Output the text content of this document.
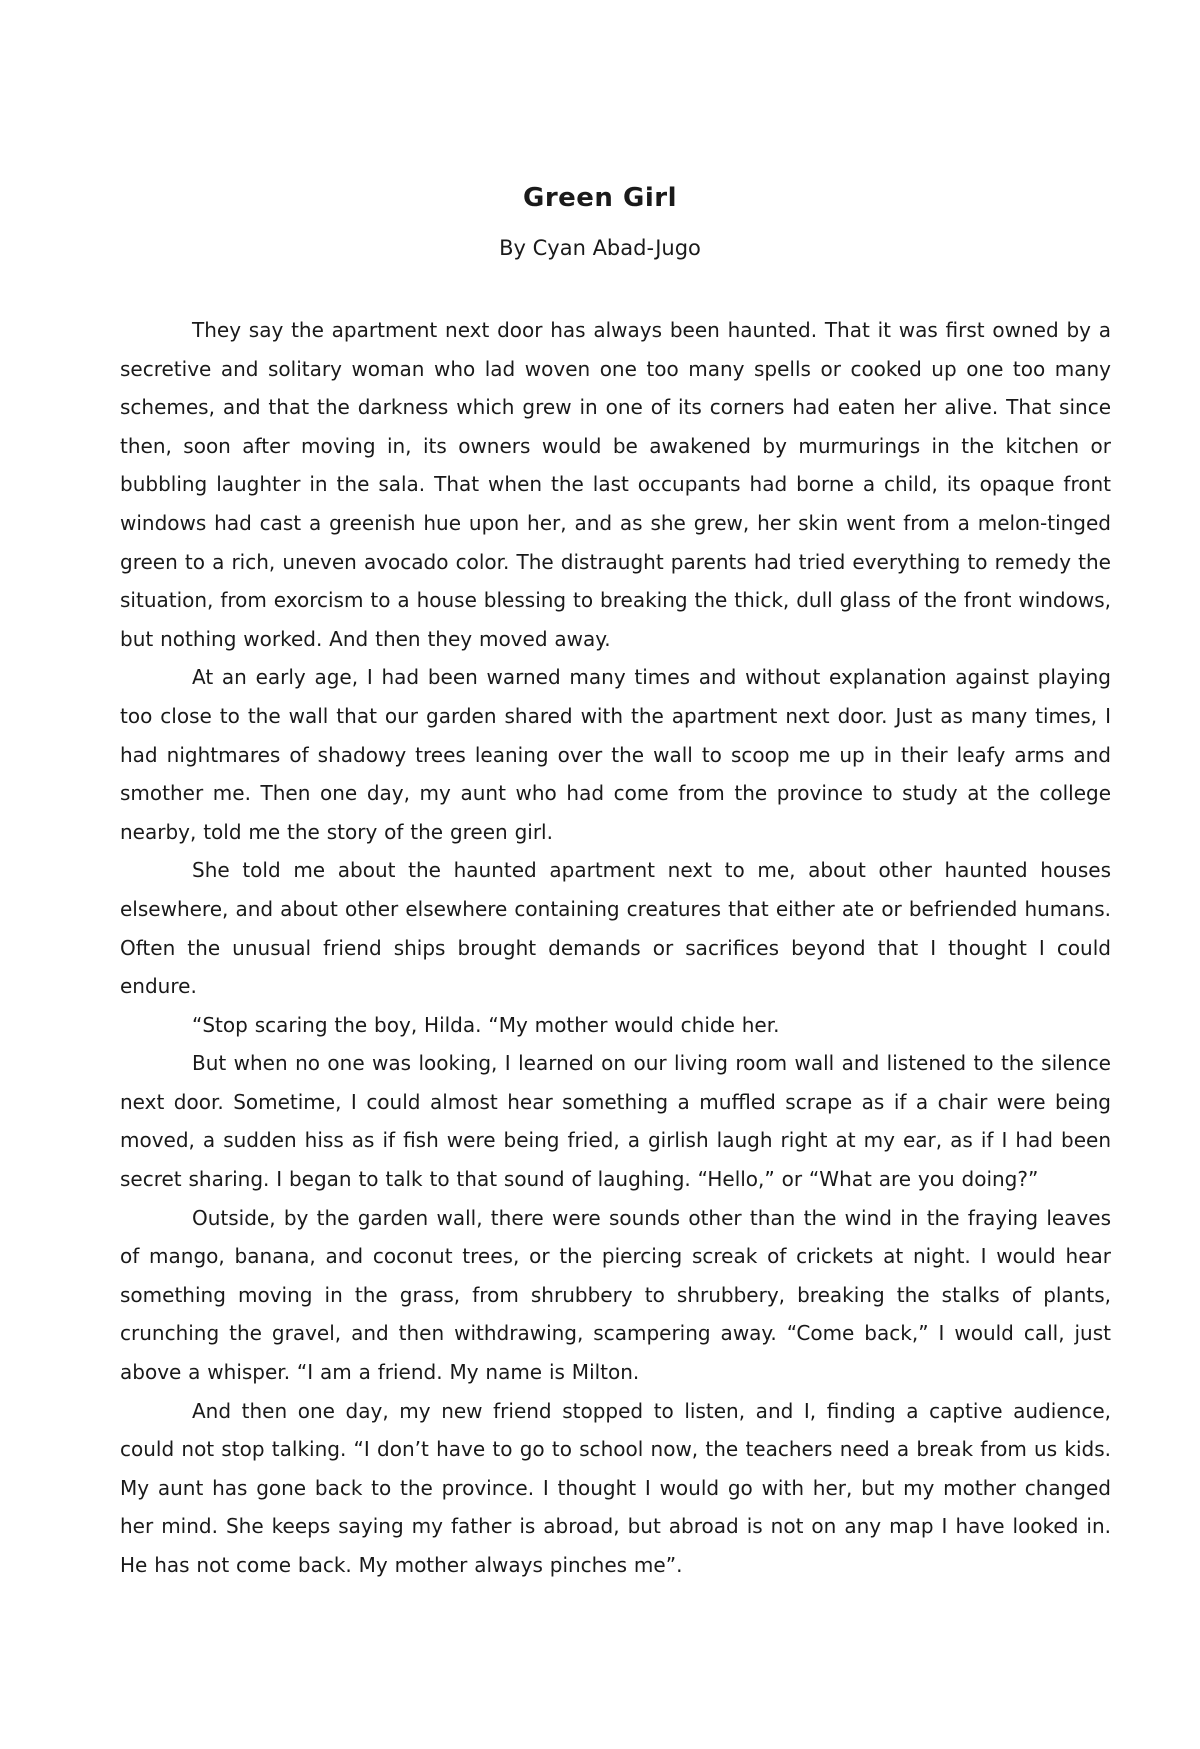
Green Girl
By Cyan Abad-Jugo

They say the apartment next door has always been haunted. That it was first owned by a secretive and solitary woman who lad woven one too many spells or cooked up one too many schemes, and that the darkness which grew in one of its corners had eaten her alive. That since then, soon after moving in, its owners would be awakened by murmurings in the kitchen or bubbling laughter in the sala. That when the last occupants had borne a child, its opaque front windows had cast a greenish hue upon her, and as she grew, her skin went from a melon-tinged green to a rich, uneven avocado color. The distraught parents had tried everything to remedy the situation, from exorcism to a house blessing to breaking the thick, dull glass of the front windows, but nothing worked. And then they moved away.

At an early age, I had been warned many times and without explanation against playing too close to the wall that our garden shared with the apartment next door. Just as many times, I had nightmares of shadowy trees leaning over the wall to scoop me up in their leafy arms and smother me. Then one day, my aunt who had come from the province to study at the college nearby, told me the story of the green girl.

She told me about the haunted apartment next to me, about other haunted houses elsewhere, and about other elsewhere containing creatures that either ate or befriended humans. Often the unusual friend ships brought demands or sacrifices beyond that I thought I could endure.

“Stop scaring the boy, Hilda. “My mother would chide her.

But when no one was looking, I learned on our living room wall and listened to the silence next door. Sometime, I could almost hear something a muffled scrape as if a chair were being moved, a sudden hiss as if fish were being fried, a girlish laugh right at my ear, as if I had been secret sharing. I began to talk to that sound of laughing. “Hello,” or “What are you doing?”

Outside, by the garden wall, there were sounds other than the wind in the fraying leaves of mango, banana, and coconut trees, or the piercing screak of crickets at night. I would hear something moving in the grass, from shrubbery to shrubbery, breaking the stalks of plants, crunching the gravel, and then withdrawing, scampering away. “Come back,” I would call, just above a whisper. “I am a friend. My name is Milton.

And then one day, my new friend stopped to listen, and I, finding a captive audience, could not stop talking. “I don’t have to go to school now, the teachers need a break from us kids. My aunt has gone back to the province. I thought I would go with her, but my mother changed her mind. She keeps saying my father is abroad, but abroad is not on any map I have looked in. He has not come back. My mother always pinches me”.
